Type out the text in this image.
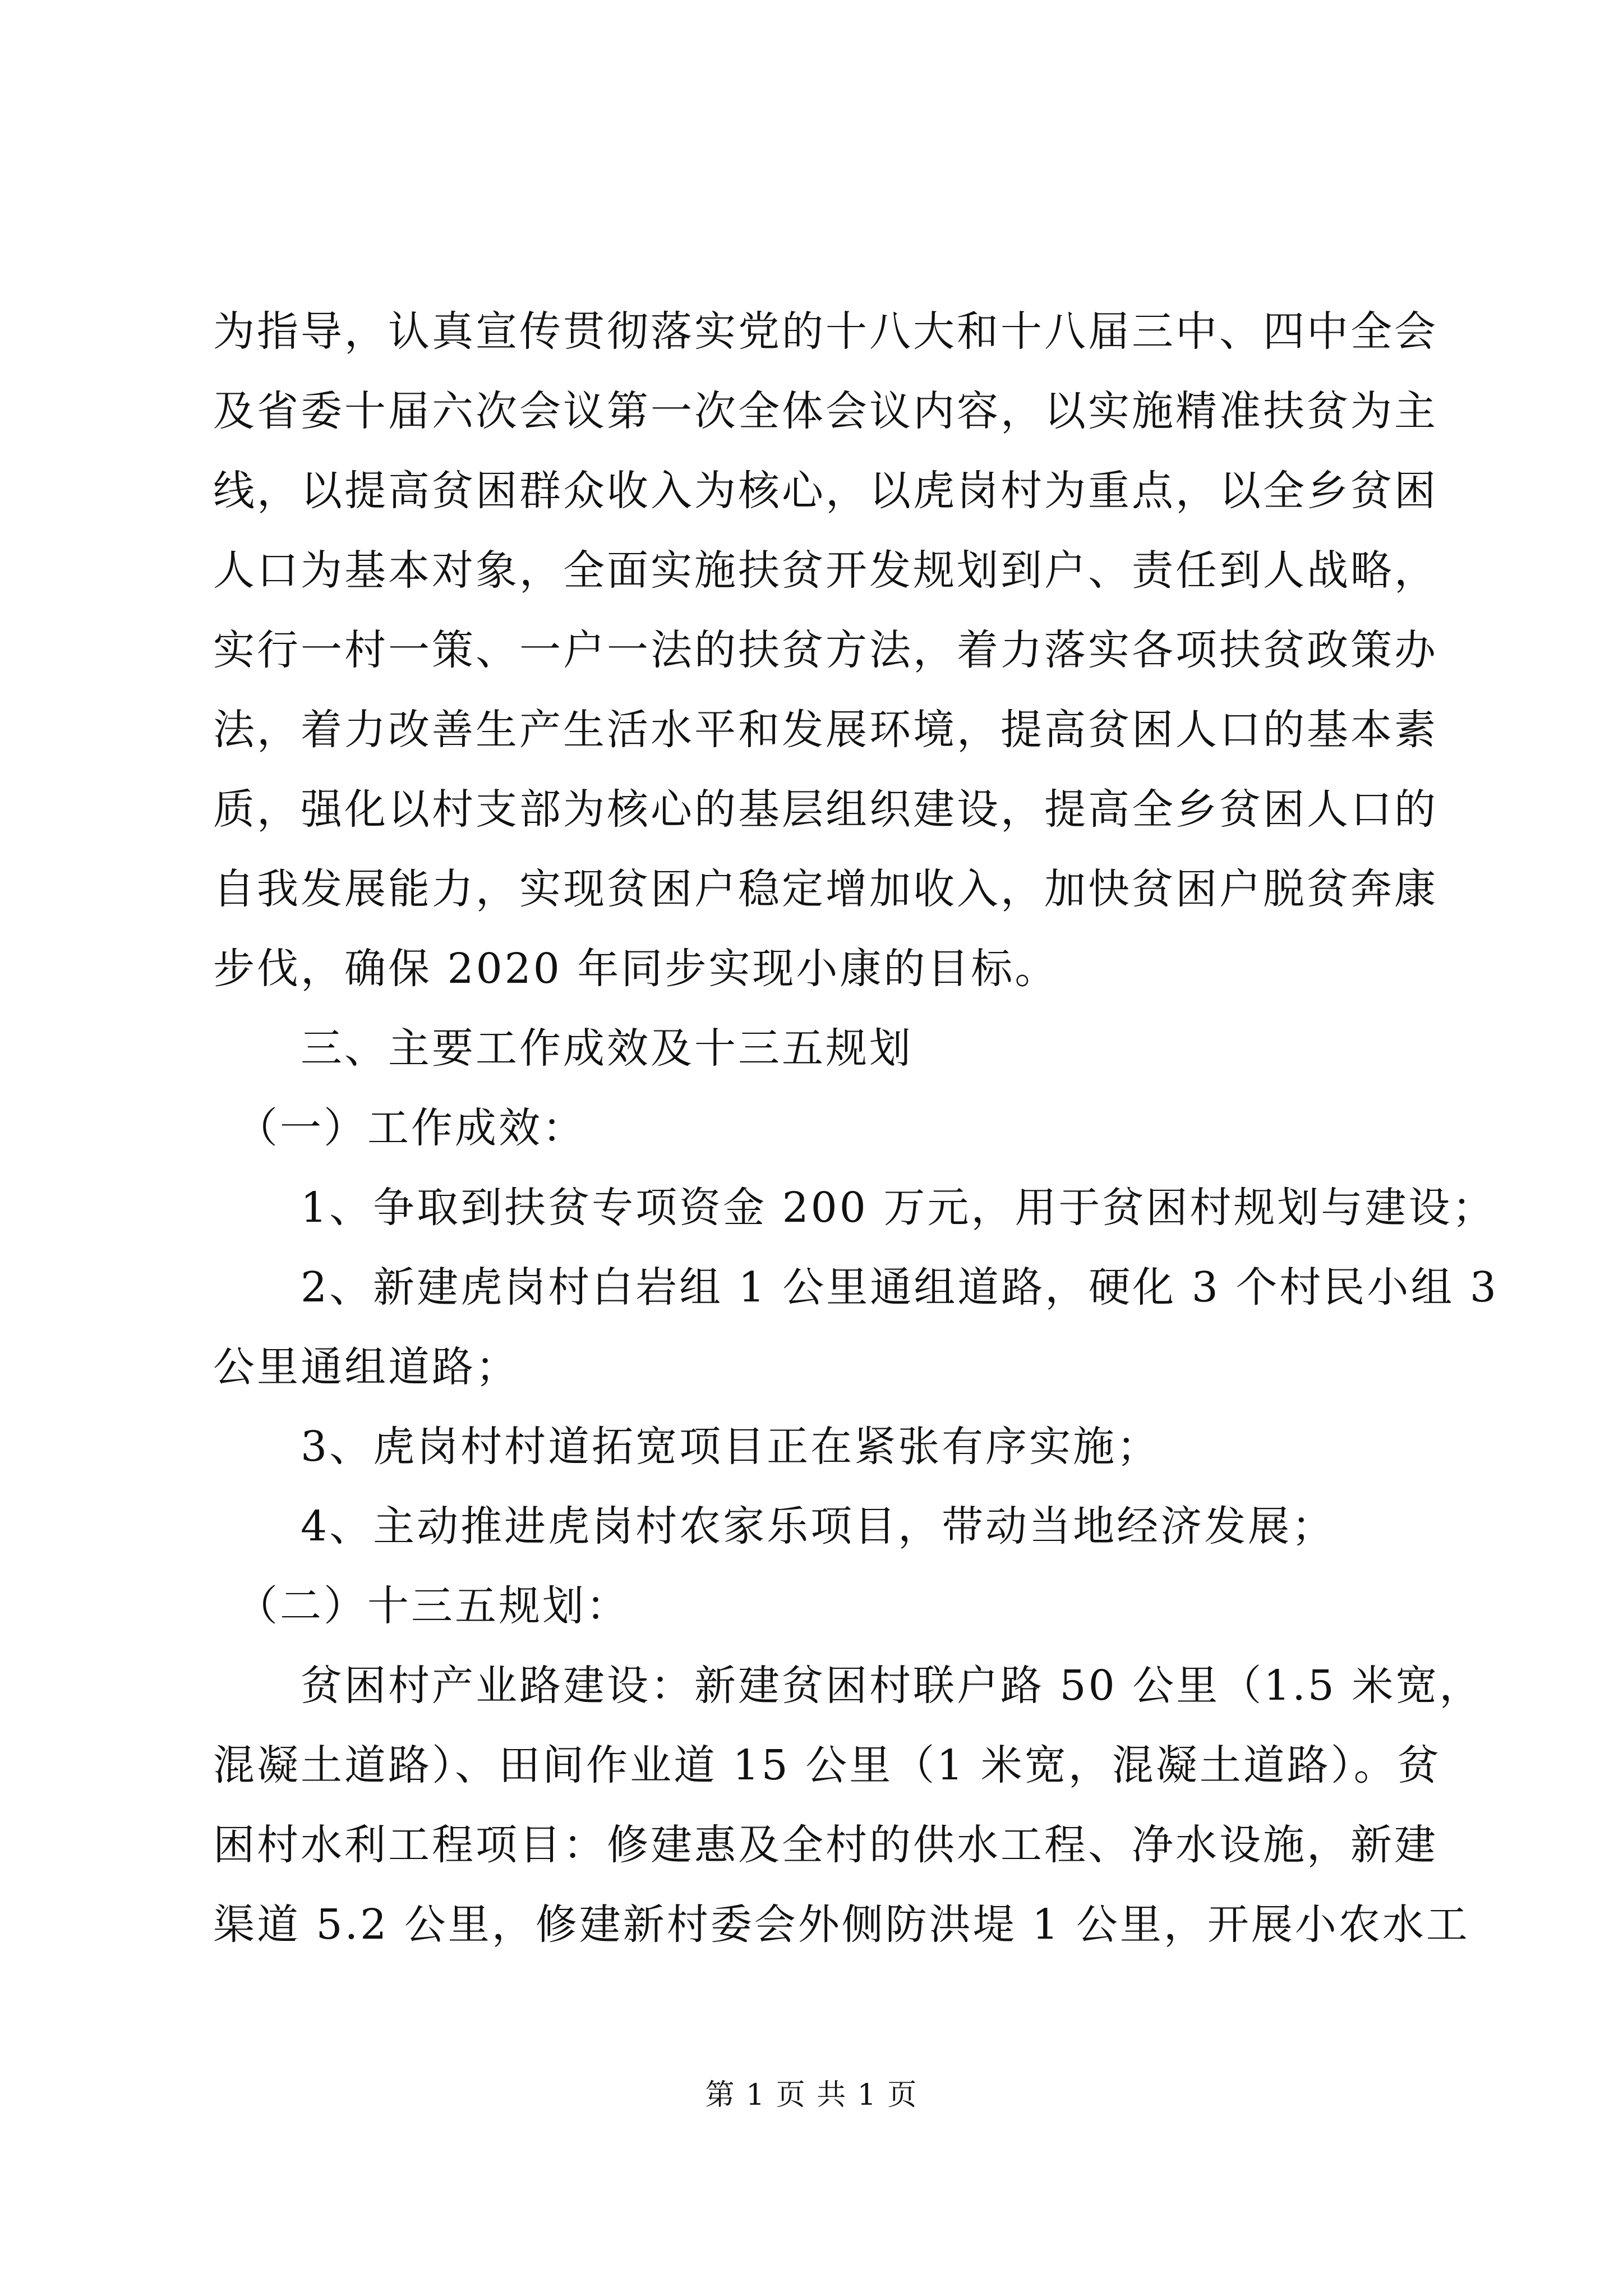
为指导，认真宣传贯彻落实党的十八大和十八届三中、四中全会
及省委十届六次会议第一次全体会议内容，以实施精准扶贫为主
线，以提高贫困群众收入为核心，以虎岗村为重点，以全乡贫困
人口为基本对象，全面实施扶贫开发规划到户、责任到人战略，
实行一村一策、一户一法的扶贫方法，着力落实各项扶贫政策办
法，着力改善生产生活水平和发展环境，提高贫困人口的基本素
质，强化以村支部为核心的基层组织建设，提高全乡贫困人口的
自我发展能力，实现贫困户稳定增加收入，加快贫困户脱贫奔康
步伐，确保 2020 年同步实现小康的目标。
　　三、主要工作成效及十三五规划
　（一）工作成效：
　　1、争取到扶贫专项资金 200 万元，用于贫困村规划与建设；
　　2、新建虎岗村白岩组 1 公里通组道路，硬化 3 个村民小组 3
公里通组道路；
　　3、虎岗村村道拓宽项目正在紧张有序实施；
　　4、主动推进虎岗村农家乐项目，带动当地经济发展；
　（二）十三五规划：
　　贫困村产业路建设：新建贫困村联户路 50 公里（1.5 米宽，
混凝土道路）、田间作业道 15 公里（1 米宽，混凝土道路）。贫
困村水利工程项目：修建惠及全村的供水工程、净水设施，新建
渠道 5.2 公里，修建新村委会外侧防洪堤 1 公里，开展小农水工
第 1 页 共 1 页
